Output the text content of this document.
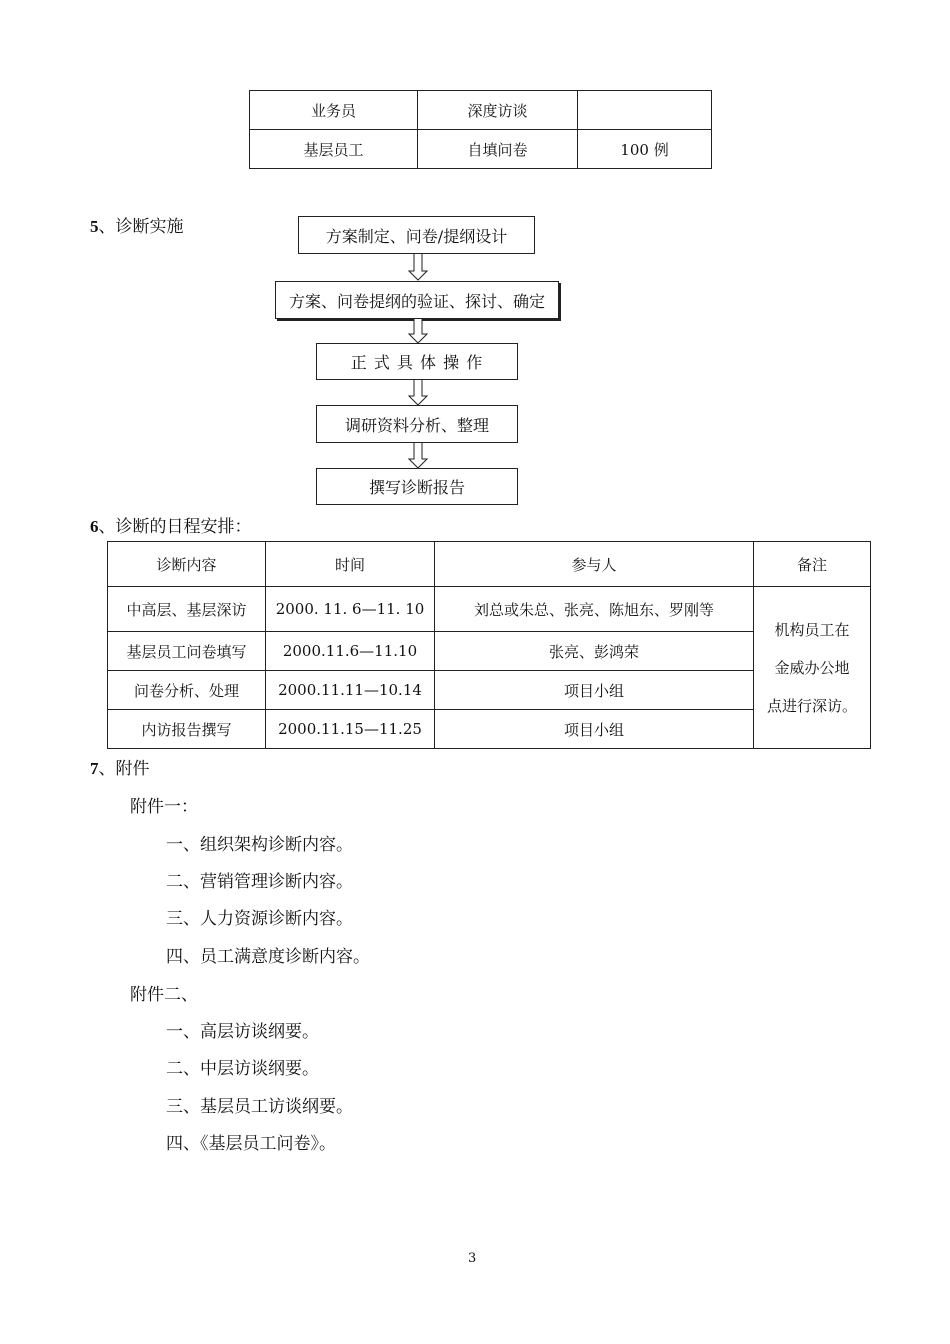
业务员	深度访谈	
基层员工	自填问卷	100 例
5、诊断实施	方案制定、问卷/提纲设计
方案、问卷提纲的验证、探讨、确定
正 式 具 体 操 作
调研资料分析、整理
撰写诊断报告
6、诊断的日程安排：
诊断内容	时间	参与人	备注
中高层、基层深访	2000. 11. 6—11. 10	刘总或朱总、张亮、陈旭东、罗刚等	机构员工在
金威办公地
点进行深访。

基层员工问卷填写	2000.11.6—11.10	张亮、彭鸿荣	
问卷分析、处理	2000.11.11—10.14	项目小组	
内访报告撰写	2000.11.15—11.25	项目小组	
7、附件
附件一：
一、组织架构诊断内容。
二、营销管理诊断内容。
三、人力资源诊断内容。
四、员工满意度诊断内容。
附件二、
一、高层访谈纲要。
二、中层访谈纲要。
三、基层员工访谈纲要。
四、《基层员工问卷》。
3
